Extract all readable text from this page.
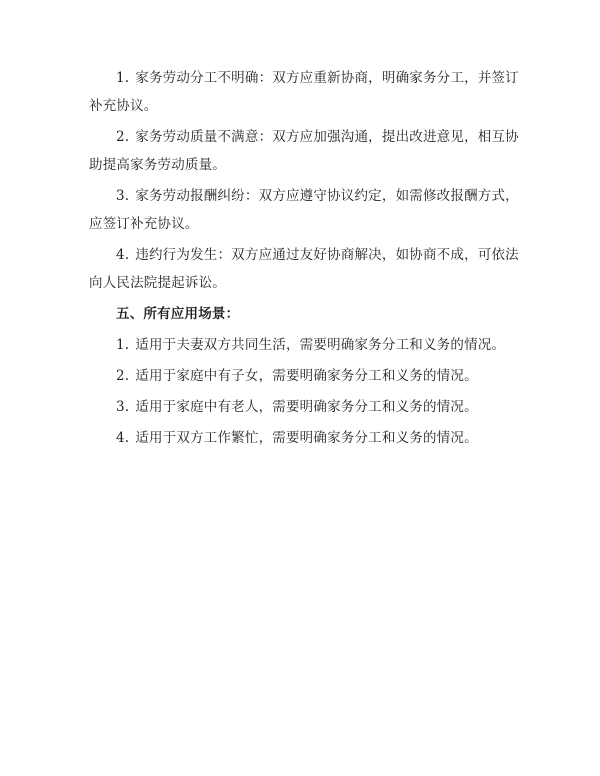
1. 家务劳动分工不明确：双方应重新协商，明确家务分工，并签订补充协议。

2. 家务劳动质量不满意：双方应加强沟通，提出改进意见，相互协助提高家务劳动质量。

3. 家务劳动报酬纠纷：双方应遵守协议约定，如需修改报酬方式，应签订补充协议。

4. 违约行为发生：双方应通过友好协商解决，如协商不成，可依法向人民法院提起诉讼。

五、所有应用场景：

1. 适用于夫妻双方共同生活，需要明确家务分工和义务的情况。

2. 适用于家庭中有子女，需要明确家务分工和义务的情况。

3. 适用于家庭中有老人，需要明确家务分工和义务的情况。

4. 适用于双方工作繁忙，需要明确家务分工和义务的情况。
